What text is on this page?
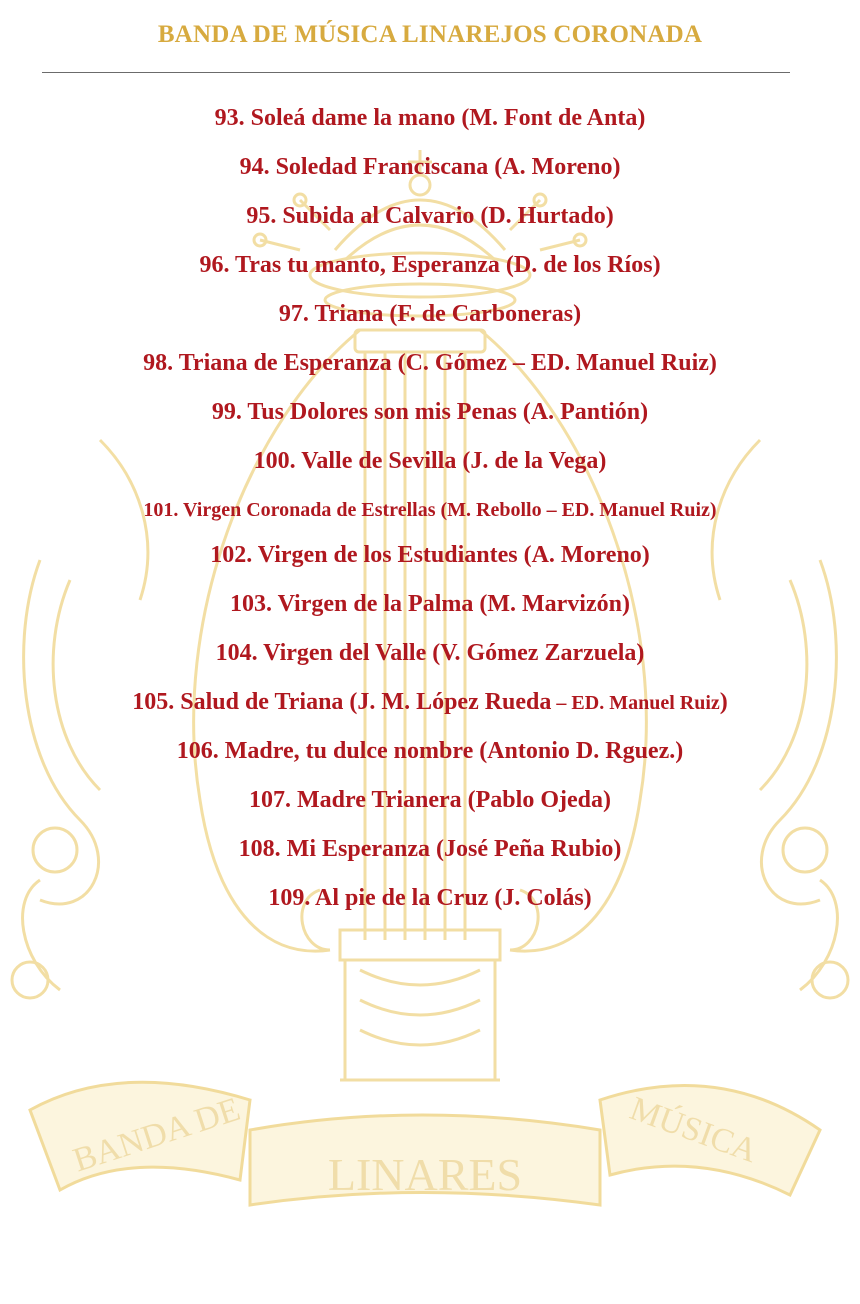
BANDA DE LINARES
MÚSICA
BANDA DE MÚSICA LINAREJOS CORONADA
93. Soleá dame la mano (M. Font de Anta)
94. Soledad Franciscana (A. Moreno)
95. Subida al Calvario (D. Hurtado)
96. Tras tu manto, Esperanza (D. de los Ríos)
97. Triana (F. de Carboneras)
98. Triana de Esperanza (C. Gómez – ED. Manuel Ruiz)
99. Tus Dolores son mis Penas (A. Pantión)
100. Valle de Sevilla (J. de la Vega)
101. Virgen Coronada de Estrellas (M. Rebollo – ED. Manuel Ruiz)
102. Virgen de los Estudiantes (A. Moreno)
103. Virgen de la Palma (M. Marvizón)
104. Virgen del Valle (V. Gómez Zarzuela)
105. Salud de Triana (J. M. López Rueda – ED. Manuel Ruiz)
106. Madre, tu dulce nombre (Antonio D. Rguez.)
107. Madre Trianera (Pablo Ojeda)
108. Mi Esperanza (José Peña Rubio)
109. Al pie de la Cruz (J. Colás)
